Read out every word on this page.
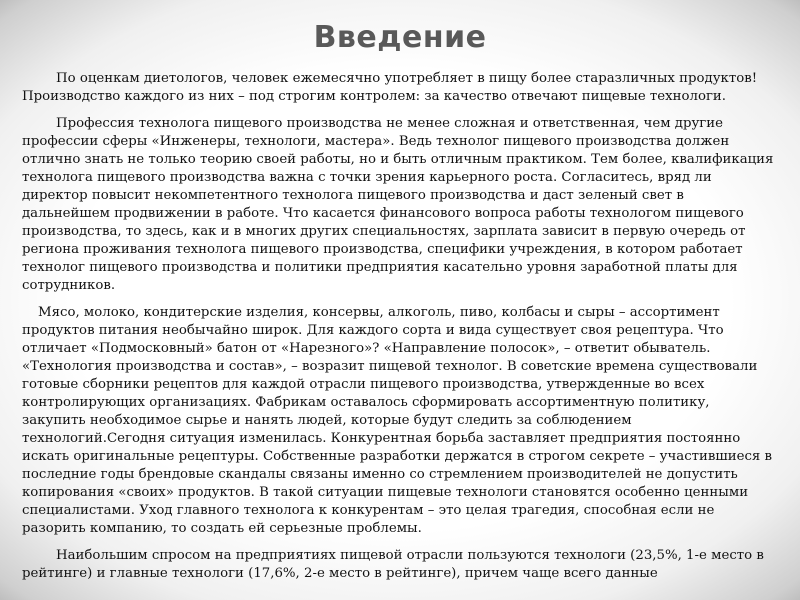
Введение

По оценкам диетологов, человек ежемесячно употребляет в пищу более стаpазличных продуктов! Производство каждого из них – под строгим контролем: за качество отвечают пищевые технологи.

Профессия технолога пищевого производства не менее сложная и ответственная, чем другие профессии сферы «Инженеры, технологи, мастера». Ведь технолог пищевого производства должен отлично знать не только теорию своей работы, но и быть отличным практиком. Тем более, квалификация технолога пищевого производства важна с точки зрения карьерного роста. Согласитесь, вряд ли директор повысит некомпетентного технолога пищевого производства и даст зеленый свет в дальнейшем продвижении в работе. Что касается финансового вопроса работы технологом пищевого производства, то здесь, как и в многих других специальностях, зарплата зависит в первую очередь от региона проживания технолога пищевого производства, специфики учреждения, в котором работает технолог пищевого производства и политики предприятия касательно уровня заработной платы для сотрудников.

Мясо, молоко, кондитерские изделия, консервы, алкоголь, пиво, колбасы и сыры – ассортимент продуктов питания необычайно широк. Для каждого сорта и вида существует своя рецептура. Что отличает «Подмосковный» батон от «Нарезного»? «Направление полосок», – ответит обыватель. «Технология производства и состав», – возразит пищевой технолог. В советские времена существовали готовые сборники рецептов для каждой отрасли пищевого производства, утвержденные во всех контролирующих организациях. Фабрикам оставалось сформировать ассортиментную политику, закупить необходимое сырье и нанять людей, которые будут следить за соблюдением технологий.Сегодня ситуация изменилась. Конкурентная борьба заставляет предприятия постоянно искать оригинальные рецептуры. Собственные разработки держатся в строгом секрете – участившиеся в последние годы брендовые скандалы связаны именно со стремлением производителей не допустить копирования «своих» продуктов. В такой ситуации пищевые технологи становятся особенно ценными специалистами. Уход главного технолога к конкурентам – это целая трагедия, способная если не разорить компанию, то создать ей серьезные проблемы.

Наибольшим спросом на предприятиях пищевой отрасли пользуются технологи (23,5%, 1-е место в рейтинге) и главные технологи (17,6%, 2-е место в рейтинге), причем чаще всего данные
